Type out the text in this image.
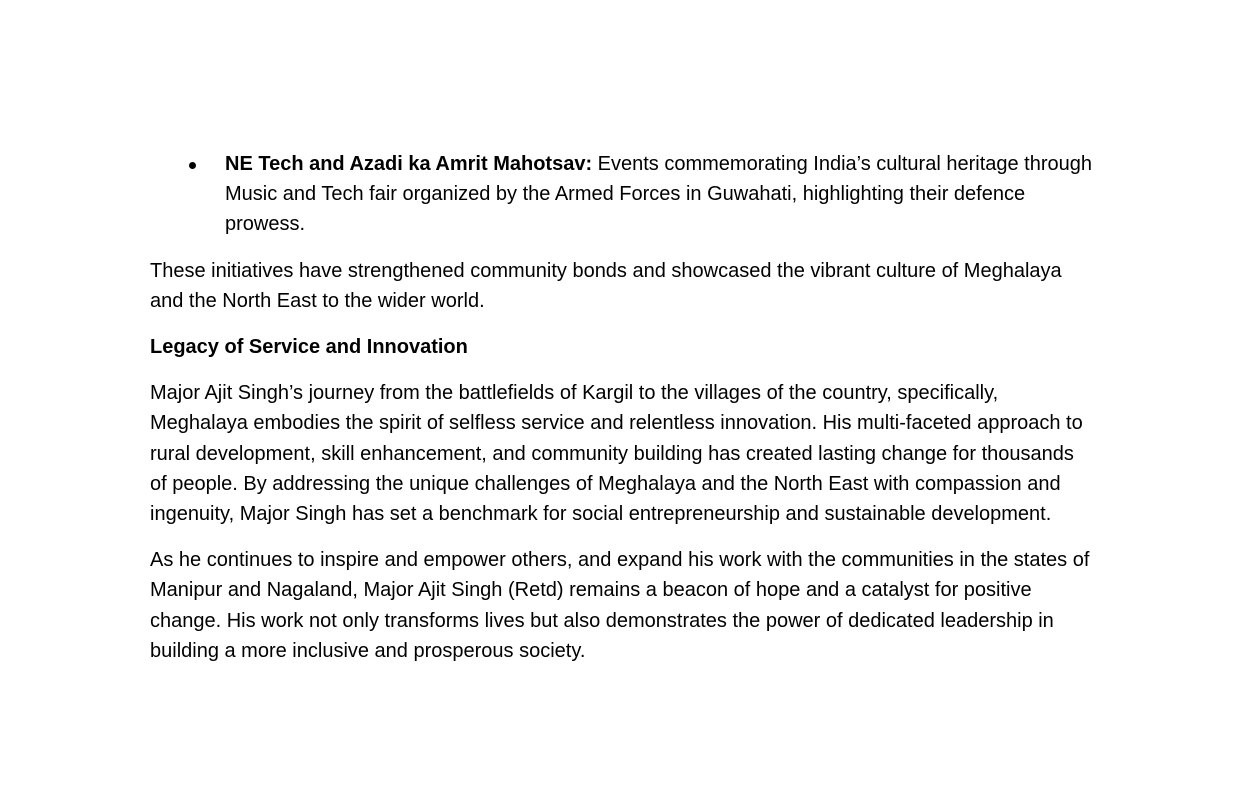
NE Tech and Azadi ka Amrit Mahotsav: Events commemorating India’s cultural heritage through Music and Tech fair organized by the Armed Forces in Guwahati, highlighting their defence prowess.

These initiatives have strengthened community bonds and showcased the vibrant culture of Meghalaya and the North East to the wider world.

Legacy of Service and Innovation

Major Ajit Singh’s journey from the battlefields of Kargil to the villages of the country, specifically, Meghalaya embodies the spirit of selfless service and relentless innovation. His multi-faceted approach to rural development, skill enhancement, and community building has created lasting change for thousands of people. By addressing the unique challenges of Meghalaya and the North East with compassion and ingenuity, Major Singh has set a benchmark for social entrepreneurship and sustainable development.

As he continues to inspire and empower others, and expand his work with the communities in the states of Manipur and Nagaland, Major Ajit Singh (Retd) remains a beacon of hope and a catalyst for positive change. His work not only transforms lives but also demonstrates the power of dedicated leadership in building a more inclusive and prosperous society.
